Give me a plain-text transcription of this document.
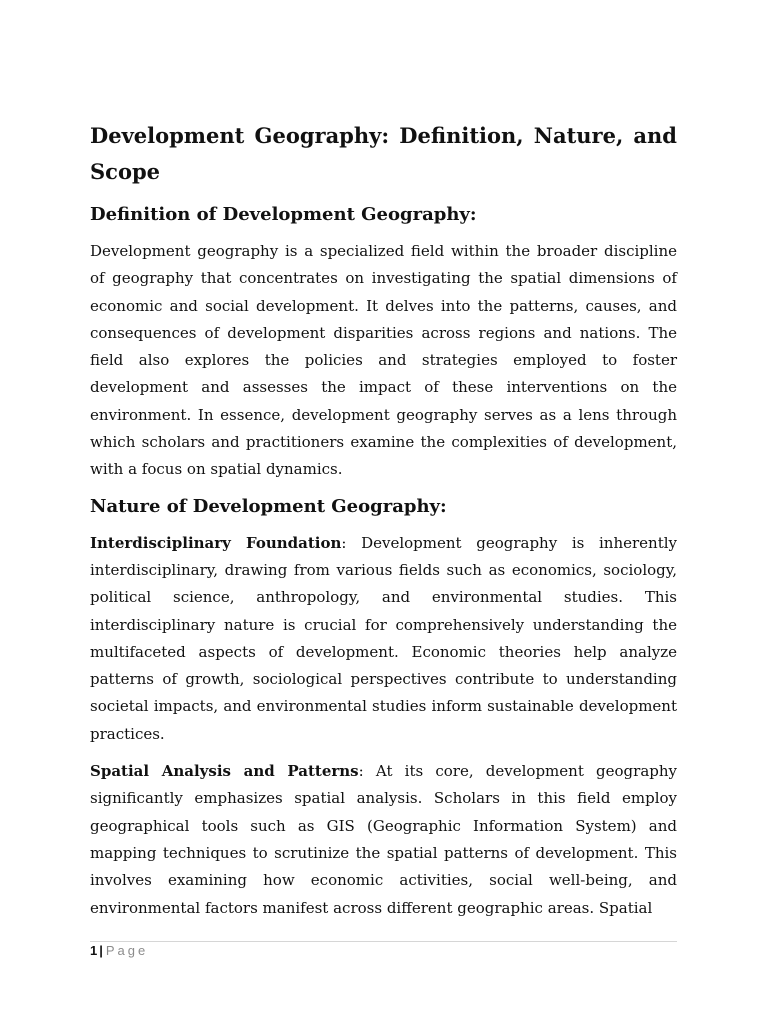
Development Geography: Definition, Nature, and Scope
Definition of Development Geography:

Development geography is a specialized field within the broader discipline of geography that concentrates on investigating the spatial dimensions of economic and social development. It delves into the patterns, causes, and consequences of development disparities across regions and nations. The field also explores the policies and strategies employed to foster development and assesses the impact of these interventions on the environment. In essence, development geography serves as a lens through which scholars and practitioners examine the complexities of development, with a focus on spatial dynamics.

Nature of Development Geography:

Interdisciplinary Foundation: Development geography is inherently interdisciplinary, drawing from various fields such as economics, sociology, political science, anthropology, and environmental studies. This interdisciplinary nature is crucial for comprehensively understanding the multifaceted aspects of development. Economic theories help analyze patterns of growth, sociological perspectives contribute to understanding societal impacts, and environmental studies inform sustainable development practices.

Spatial Analysis and Patterns: At its core, development geography significantly emphasizes spatial analysis. Scholars in this field employ geographical tools such as GIS (Geographic Information System) and mapping techniques to scrutinize the spatial patterns of development. This involves examining how economic activities, social well-being, and environmental factors manifest across different geographic areas. Spatial

1 | Page
